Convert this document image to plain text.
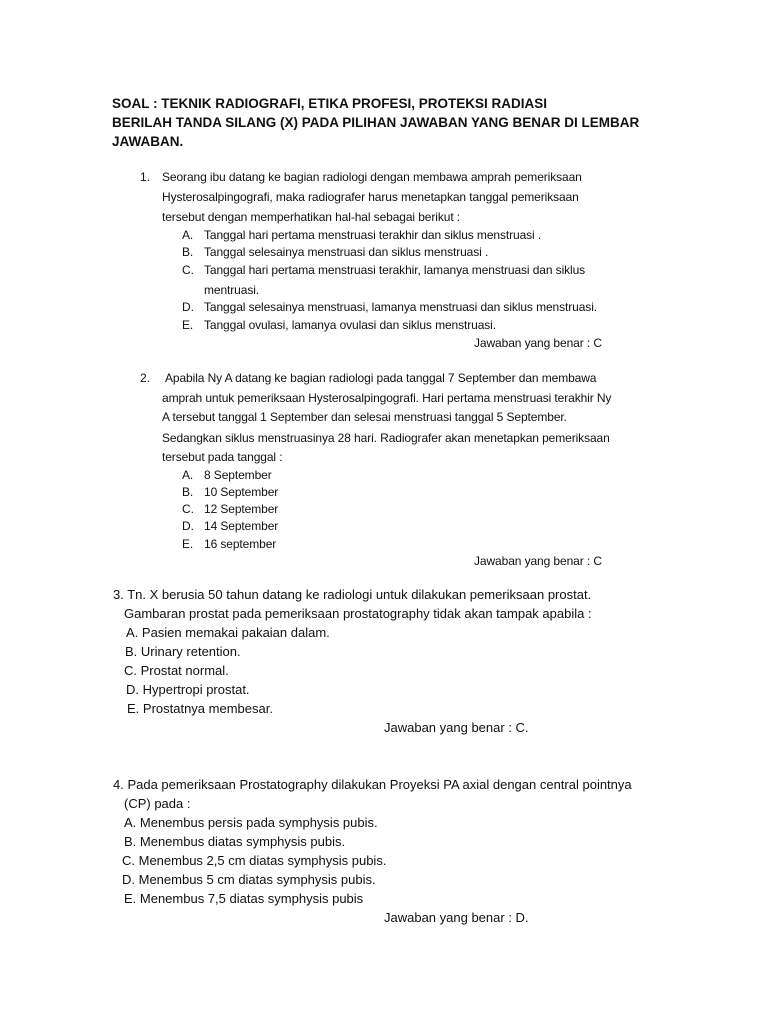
SOAL : TEKNIK RADIOGRAFI, ETIKA PROFESI, PROTEKSI RADIASI
BERILAH TANDA SILANG (X) PADA PILIHAN JAWABAN YANG BENAR DI LEMBAR
JAWABAN.
1. Seorang ibu datang ke bagian radiologi dengan membawa amprah pemeriksaan
Hysterosalpingografi, maka radiografer harus menetapkan tanggal pemeriksaan
tersebut dengan memperhatikan hal-hal sebagai berikut :
A. Tanggal hari pertama menstruasi terakhir dan siklus menstruasi .
B. Tanggal selesainya menstruasi dan siklus menstruasi .
C. Tanggal hari pertama menstruasi terakhir, lamanya menstruasi dan siklus
mentruasi.
D. Tanggal selesainya menstruasi, lamanya menstruasi dan siklus menstruasi.
E. Tanggal ovulasi, lamanya ovulasi dan siklus menstruasi.
Jawaban yang benar : C
2. Apabila Ny A datang ke bagian radiologi pada tanggal 7 September dan membawa
amprah untuk pemeriksaan Hysterosalpingografi. Hari pertama menstruasi terakhir Ny
A tersebut tanggal 1 September dan selesai menstruasi tanggal 5 September.
Sedangkan siklus menstruasinya 28 hari. Radiografer akan menetapkan pemeriksaan
tersebut pada tanggal :
A. 8 September
B. 10 September
C. 12 September
D. 14 September
E. 16 september
Jawaban yang benar : C
3. Tn. X berusia 50 tahun datang ke radiologi untuk dilakukan pemeriksaan prostat.
Gambaran prostat pada pemeriksaan prostatography tidak akan tampak apabila :
A. Pasien memakai pakaian dalam.
B. Urinary retention.
C. Prostat normal.
D. Hypertropi prostat.
E. Prostatnya membesar.
Jawaban yang benar : C.
4. Pada pemeriksaan Prostatography dilakukan Proyeksi PA axial dengan central pointnya
(CP) pada :
A. Menembus persis pada symphysis pubis.
B. Menembus diatas symphysis pubis.
C. Menembus 2,5 cm diatas symphysis pubis.
D. Menembus 5 cm diatas symphysis pubis.
E. Menembus 7,5 diatas symphysis pubis
Jawaban yang benar : D.
